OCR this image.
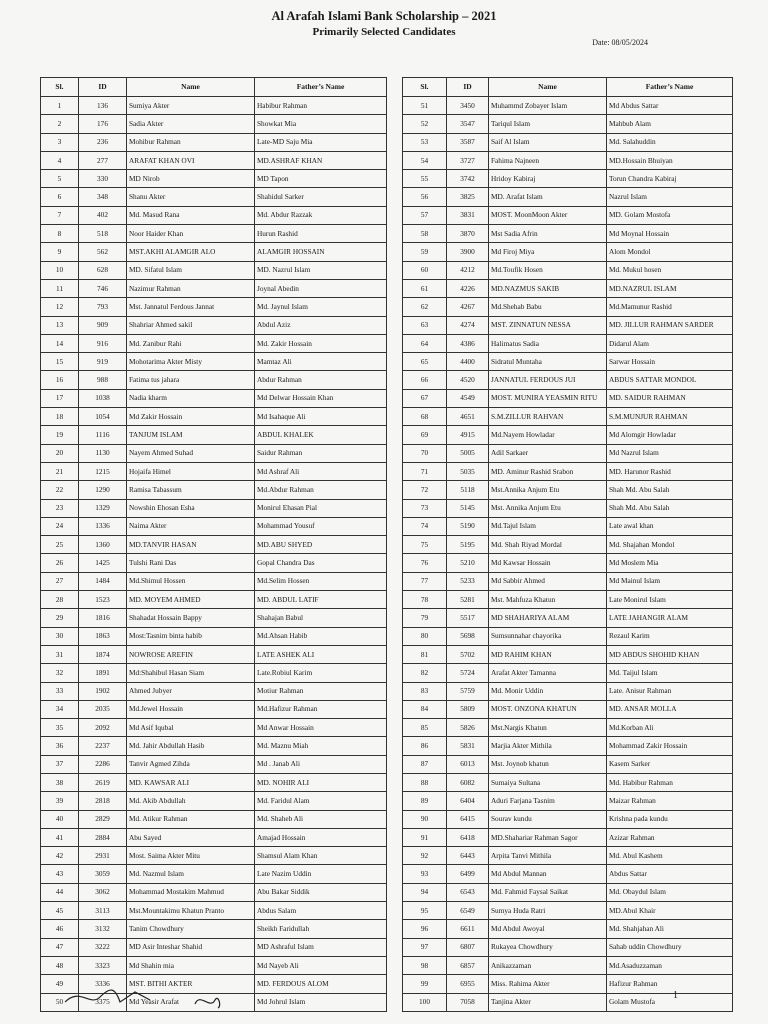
Al Arafah Islami Bank Scholarship – 2021
Primarily Selected Candidates
Date: 08/05/2024
Sl.	ID	Name	Father’s Name
1	136	Sumiya Akter	Habibur Rahman
2	176	Sadia Akter	Showkat Mia
3	236	Mohibur Rahman	Late-MD Saju Mia
4	277	ARAFAT KHAN OVI	MD.ASHRAF KHAN
5	330	MD Nirob	MD Tapon
6	348	Shanu Akter	Shahidul Sarker
7	402	Md. Masud Rana	Md. Abdur Razzak
8	518	Noor Haider Khan	Hurun Rashid
9	562	MST.AKHI ALAMGIR ALO	ALAMGIR HOSSAIN
10	628	MD. Sifatul Islam	MD. Nazrul Islam
11	746	Nazimur Rahman	Joynal Abedin
12	793	Mst. Jannatul Ferdous Jannat	Md. Jaynul Islam
13	909	Shahriar Ahmed sakil	Abdul Aziz
14	916	Md. Zanibur Rahi	Md. Zakir Hossain
15	919	Mohotarima Akter Misty	Mamtaz Ali
16	988	Fatima tus jahara	Abdur Rahman
17	1038	Nadia kharm	Md Delwar Hossain Khan
18	1054	Md Zakir Hossain	Md Isahaque Ali
19	1116	TANJUM ISLAM	ABDUL KHALEK
20	1130	Nayem Ahmed Suhad	Saidur Rahman
21	1215	Hojaifa Himel	Md Ashraf Ali
22	1290	Ramisa Tabassum	Md.Abdur Rahman
23	1329	Nowshin Ehosan Esha	Monirul Ehasan Pial
24	1336	Naima Akter	Mohammad Yousuf
25	1360	MD.TANVIR HASAN	MD.ABU SHYED
26	1425	Tulshi Rani Das	Gopal Chandra Das
27	1484	Md.Shimul Hossen	Md.Selim Hossen
28	1523	MD. MOYEM AHMED	MD. ABDUL LATIF
29	1816	Shahadat Hossain Bappy	Shahajan Babul
30	1863	Most:Tasnim binta habib	Md.Ahsan Habib
31	1874	NOWROSE AREFIN	LATE ASHEK ALI
32	1891	Md:Shahibul Hasan Siam	Late.Robiul Karim
33	1902	Ahmed Jubyer	Motiur Rahman
34	2035	Md.Jewel Hossain	Md.Hafizur Rahman
35	2092	Md Asif Iqubal	Md Anwar Hossain
36	2237	Md. Jahir Abdullah Hasib	Md. Maznu Miah
37	2286	Tanvir Agmed Zihda	Md . Janab Ali
38	2619	MD. KAWSAR ALI	MD. NOHIR ALI
39	2818	Md. Akib Abdullah	Md. Faridul Alam
40	2829	Md. Atikur Rahman	Md. Shaheb Ali
41	2884	Abu Sayed	Amajad Hossain
42	2931	Most. Saima Akter Mitu	Shamsul Alam Khan
43	3059	Md. Nazmul Islam	Late Nazim Uddin
44	3062	Mohammad Mostakim Mahmud	Abu Bakar Siddik
45	3113	Mst.Mountakimu Khatun Pranto	Abdus Salam
46	3132	Tanim Chowdhury	Sheikh Faridullah
47	3222	MD Asir Inteshar Shahid	MD Ashraful Islam
48	3323	Md Shahin mia	Md Nayeb Ali
49	3336	MST. BITHI AKTER	MD. FERDOUS ALOM
50	3375	Md Yeasir Arafat	Md Johrul Islam
Sl.	ID	Name	Father’s Name
51	3450	Muhammd Zobayer Islam	Md Abdus Sattar
52	3547	Tariqul Islam	Mahbub Alam
53	3587	Saif Al Islam	Md. Salahuddin
54	3727	Fahima Najneen	MD.Hossain Bhuiyan
55	3742	Hridoy Kabiraj	Torun Chandra Kabiraj
56	3825	MD. Arafat Islam	Nazrul Islam
57	3831	MOST. MoonMoon Akter	MD. Golam Mostofa
58	3870	Mst Sadia Afrin	Md Moynal Hossain
59	3900	Md Firoj Miya	Alom Mondol
60	4212	Md.Toufik Hosen	Md. Mukul hosen
61	4226	MD.NAZMUS SAKIB	MD.NAZRUL ISLAM
62	4267	Md.Shehab Babu	Md.Mamunur Rashid
63	4274	MST. ZINNATUN NESSA	MD. JILLUR RAHMAN SARDER
64	4386	Halimatus Sadia	Didarul Alam
65	4400	Sidratul Muntaha	Sarwar Hossain
66	4520	JANNATUL FERDOUS JUI	ABDUS SATTAR MONDOL
67	4549	MOST. MUNIRA YEASMIN RITU	MD. SAIDUR RAHMAN
68	4651	S.M.ZILLUR RAHVAN	S.M.MUNJUR RAHMAN
69	4915	Md.Nayem Howladar	Md Alomgir Howladar
70	5005	Adil Sarkaer	Md Nazrul Islam
71	5035	MD. Aminur Rashid Srabon	MD. Harunor Rashid
72	5118	Mst.Annika Anjum Etu	Shah Md. Abu Salah
73	5145	Mst. Annika Anjum Etu	Shah Md. Abu Salah
74	5190	Md.Tajul Islam	Late awal khan
75	5195	Md. Shah Riyad Mordal	Md. Shajahan Mondol
76	5210	Md Kawsar Hossain	Md Moslem Mia
77	5233	Md Sabbir Ahmed	Md Mainul Islam
78	5281	Mst. Mahfuza Khatun	Late Monirul Islam
79	5517	MD SHAHARIYA ALAM	LATE JAHANGIR ALAM
80	5698	Sumsunnahar chayorika	Rezaul Karim
81	5702	MD RAHIM KHAN	MD ABDUS SHOHID KHAN
82	5724	Arafat Akter Tamanna	Md. Taijul Islam
83	5759	Md. Monir Uddin	Late. Anisur Rahman
84	5809	MOST. ONZONA KHATUN	MD. ANSAR MOLLA
85	5826	Mst.Nargis Khatun	Md.Korban Ali
86	5831	Marjia Akter Mithila	Mohammad Zakir Hossain
87	6013	Mst. Joynob khatun	Kasem Sarker
88	6082	Sumaiya Sultana	Md. Habibur Rahman
89	6404	Aduri Farjana Tasnim	Maizar Rahman
90	6415	Sourav kundu	Krishna pada kundu
91	6418	MD.Shahariar Rahman Sagor	Azizar Rahman
92	6443	Arpita Tanvi Mithila	Md. Abul Kashem
93	6499	Md Abdul Mannan	Abdus Sattar
94	6543	Md. Fahmid Faysal Saikat	Md. Obaydul Islam
95	6549	Sumya Huda Ratri	MD.Abul Khair
96	6611	Md Abdul Awoyal	Md. Shahjahan Ali
97	6807	Rukayea Chowdhury	Sahab uddin Chowdhury
98	6857	Anikazzaman	Md.Asaduzzaman
99	6955	Miss. Rahima Akter	Hafizur Rahman
100	7058	Tanjina Akter	Golam Mustofa
1
